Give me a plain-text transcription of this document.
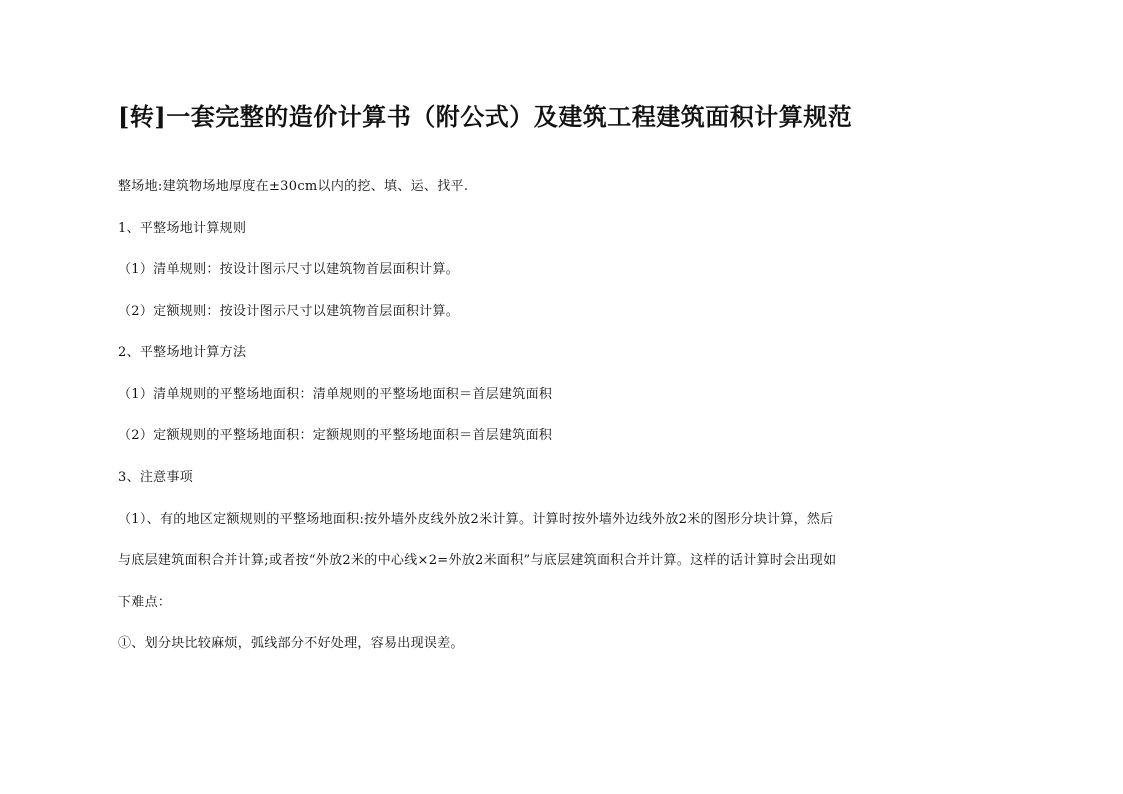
[转]一套完整的造价计算书（附公式）及建筑工程建筑面积计算规范
整场地:建筑物场地厚度在±30cm以内的挖、填、运、找平.
1、平整场地计算规则
（1）清单规则：按设计图示尺寸以建筑物首层面积计算。
（2）定额规则：按设计图示尺寸以建筑物首层面积计算。
2、平整场地计算方法
（1）清单规则的平整场地面积：清单规则的平整场地面积＝首层建筑面积
（2）定额规则的平整场地面积：定额规则的平整场地面积＝首层建筑面积
3、注意事项
（1）、有的地区定额规则的平整场地面积:按外墙外皮线外放2米计算。计算时按外墙外边线外放2米的图形分块计算，然后
与底层建筑面积合并计算;或者按“外放2米的中心线×2=外放2米面积”与底层建筑面积合并计算。这样的话计算时会出现如
下难点：
①、划分块比较麻烦，弧线部分不好处理，容易出现误差。
